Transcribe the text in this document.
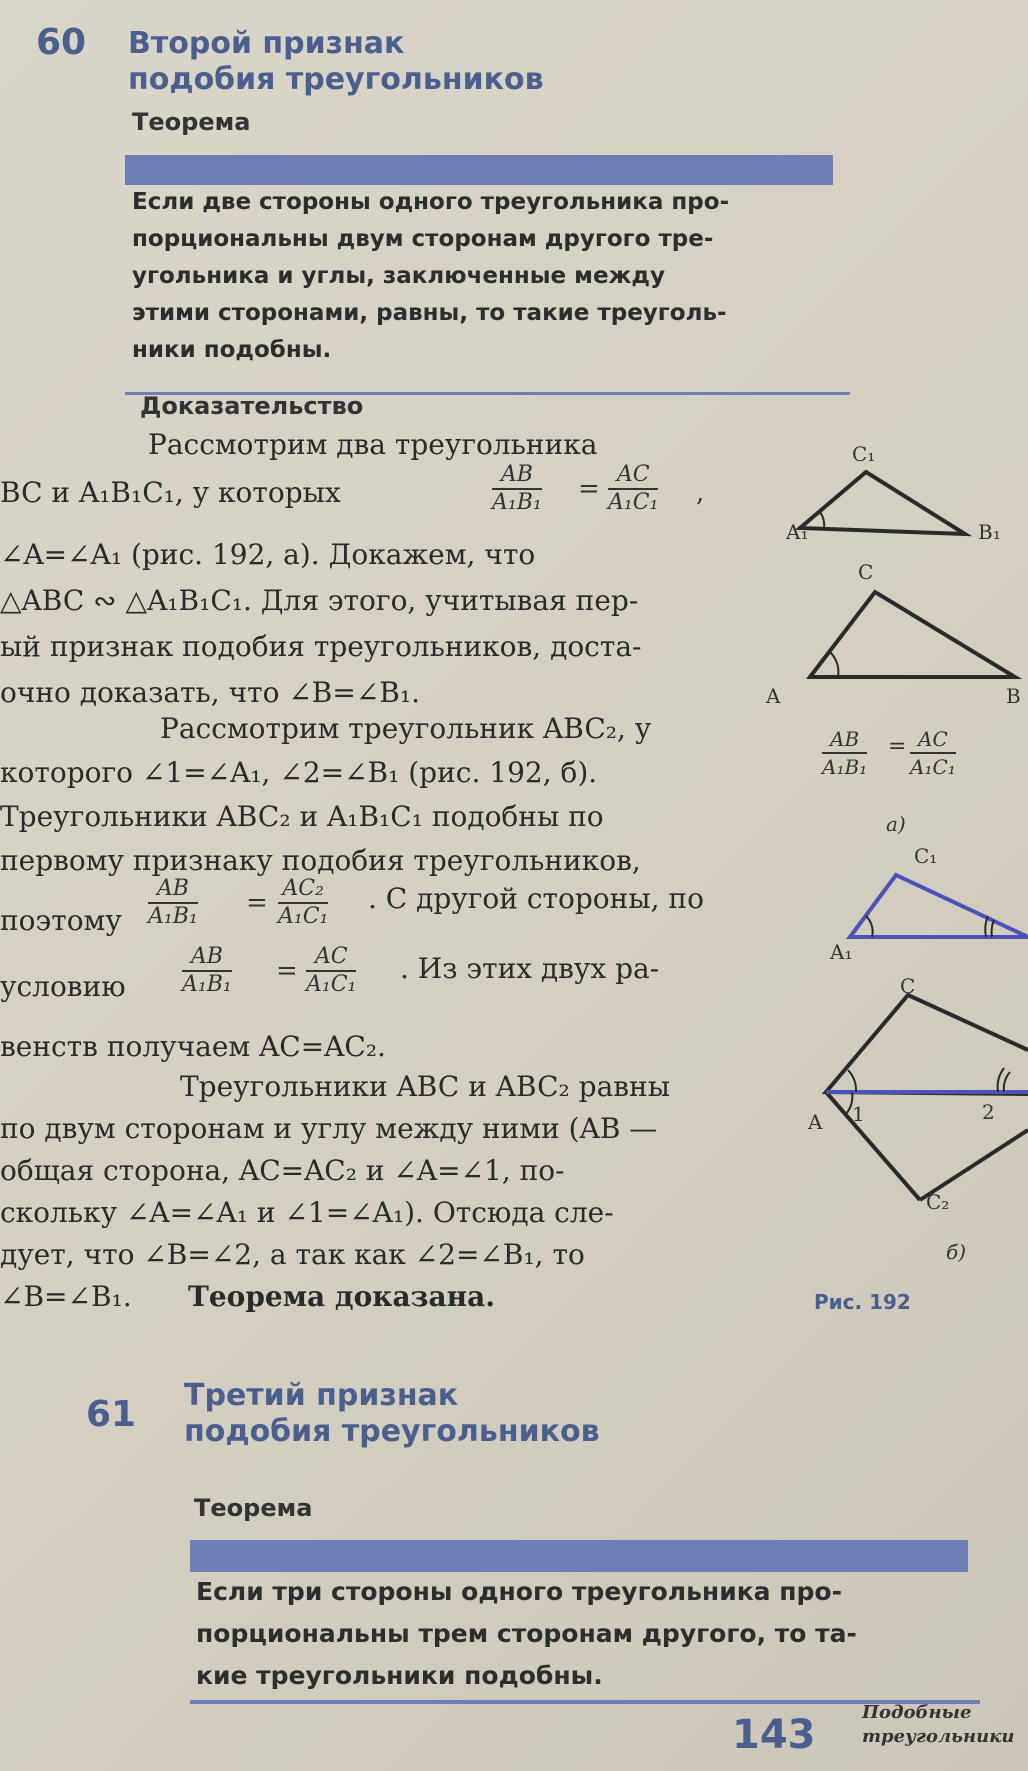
60 Второй признак
подобия треугольников
Теорема
Если две стороны одного треугольника про-
порциональны двум сторонам другого тре-
угольника и углы, заключенные между
этими сторонами, равны, то такие треуголь-
ники подобны.
Доказательство
Рассмотрим два треугольника
BC и A₁B₁C₁, у которых	$\frac{AB}{\text{A₁B₁}} = \frac{AC}{\text{A₁C₁}}$ ,
∠A=∠A₁ (рис. 192, а). Докажем, что
△ABC ∾ △A₁B₁C₁. Для этого, учитывая пер-
ый признак подобия треугольников, доста-
очно доказать, что ∠B=∠B₁.
Рассмотрим треугольник ABC₂, у
которого ∠1=∠A₁, ∠2=∠B₁ (рис. 192, б).
Треугольники ABC₂ и A₁B₁C₁ подобны по
первому признаку подобия треугольников,
поэтому $\frac{AB}{\text{A₁B₁}} = \frac{\text{AC₂}}{\text{A₁C₁}}$ . С другой стороны, по
условию	$\frac{AB}{\text{A₁B₁}} = \frac{AC}{\text{A₁C₁}}$ . Из этих двух ра-
венств получаем AC=AC₂.
Треугольники ABC и ABC₂ равны
по двум сторонам и углу между ними (AB —
общая сторона, AC=AC₂ и ∠A=∠1, по-
скольку ∠A=∠A₁ и ∠1=∠A₁). Отсюда сле-
дует, что ∠B=∠2, а так как ∠2=∠B₁, то
∠B=∠B₁. Теорема доказана.
C₁
A₁	B₁
C
A	B
$\frac{AB}{\text{A₁B₁}} = \frac{AC}{\text{A₁C₁}}$
а)
C₁
A₁
C
A 1	2
C₂
б)
Рис. 192
61 Третий признак
подобия треугольников
Теорема
Если три стороны одного треугольника про-
порциональны трем сторонам другого, то та-
кие треугольники подобны.
143	Подобные
треугольники
